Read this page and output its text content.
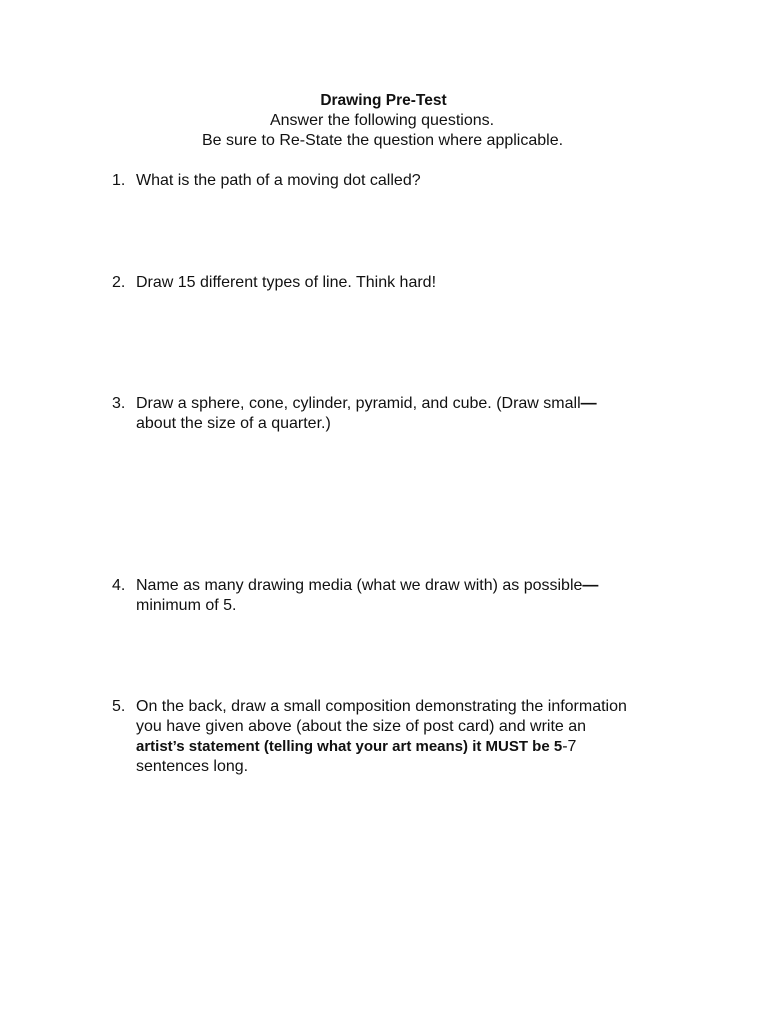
Drawing Pre-Test
Answer the following questions.
Be sure to Re-State the question where applicable.
1. What is the path of a moving dot called?
2. Draw 15 different types of line. Think hard!
3. Draw a sphere, cone, cylinder, pyramid, and cube. (Draw small—
about the size of a quarter.)
4. Name as many drawing media (what we draw with) as possible—
minimum of 5.
5. On the back, draw a small composition demonstrating the information
you have given above (about the size of post card) and write an
artist’s statement (telling what your art means) it MUST be 5-7
sentences long.
